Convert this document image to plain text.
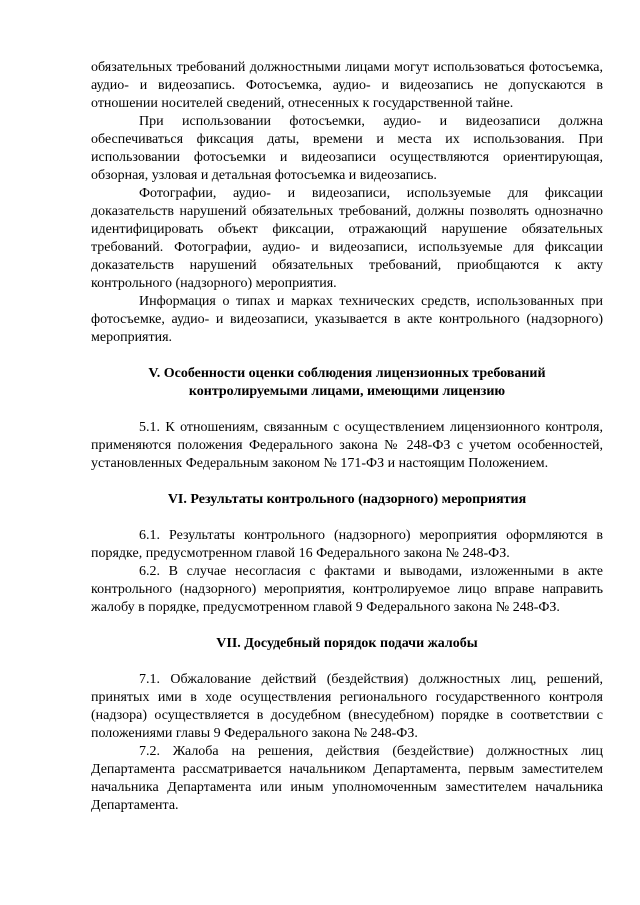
обязательных требований должностными лицами могут использоваться фотосъемка, аудио- и видеозапись. Фотосъемка, аудио- и видеозапись не допускаются в отношении носителей сведений, отнесенных к государственной тайне.

При использовании фотосъемки, аудио- и видеозаписи должна обеспечиваться фиксация даты, времени и места их использования. При использовании фотосъемки и видеозаписи осуществляются ориентирующая, обзорная, узловая и детальная фотосъемка и видеозапись.

Фотографии, аудио- и видеозаписи, используемые для фиксации доказательств нарушений обязательных требований, должны позволять однозначно идентифицировать объект фиксации, отражающий нарушение обязательных требований. Фотографии, аудио- и видеозаписи, используемые для фиксации доказательств нарушений обязательных требований, приобщаются к акту контрольного (надзорного) мероприятия.

Информация о типах и марках технических средств, использованных при фотосъемке, аудио- и видеозаписи, указывается в акте контрольного (надзорного) мероприятия.

V. Особенности оценки соблюдения лицензионных требований
контролируемыми лицами, имеющими лицензию

5.1. К отношениям, связанным с осуществлением лицензионного контроля, применяются положения Федерального закона № 248-ФЗ с учетом особенностей, установленных Федеральным законом № 171-ФЗ и настоящим Положением.

VI. Результаты контрольного (надзорного) мероприятия

6.1. Результаты контрольного (надзорного) мероприятия оформляются в порядке, предусмотренном главой 16 Федерального закона № 248-ФЗ.

6.2. В случае несогласия с фактами и выводами, изложенными в акте контрольного (надзорного) мероприятия, контролируемое лицо вправе направить жалобу в порядке, предусмотренном главой 9 Федерального закона № 248-ФЗ.

VII. Досудебный порядок подачи жалобы

7.1. Обжалование действий (бездействия) должностных лиц, решений, принятых ими в ходе осуществления регионального государственного контроля (надзора) осуществляется в досудебном (внесудебном) порядке в соответствии с положениями главы 9 Федерального закона № 248-ФЗ.

7.2. Жалоба на решения, действия (бездействие) должностных лиц Департамента рассматривается начальником Департамента, первым заместителем начальника Департамента или иным уполномоченным заместителем начальника Департамента.
